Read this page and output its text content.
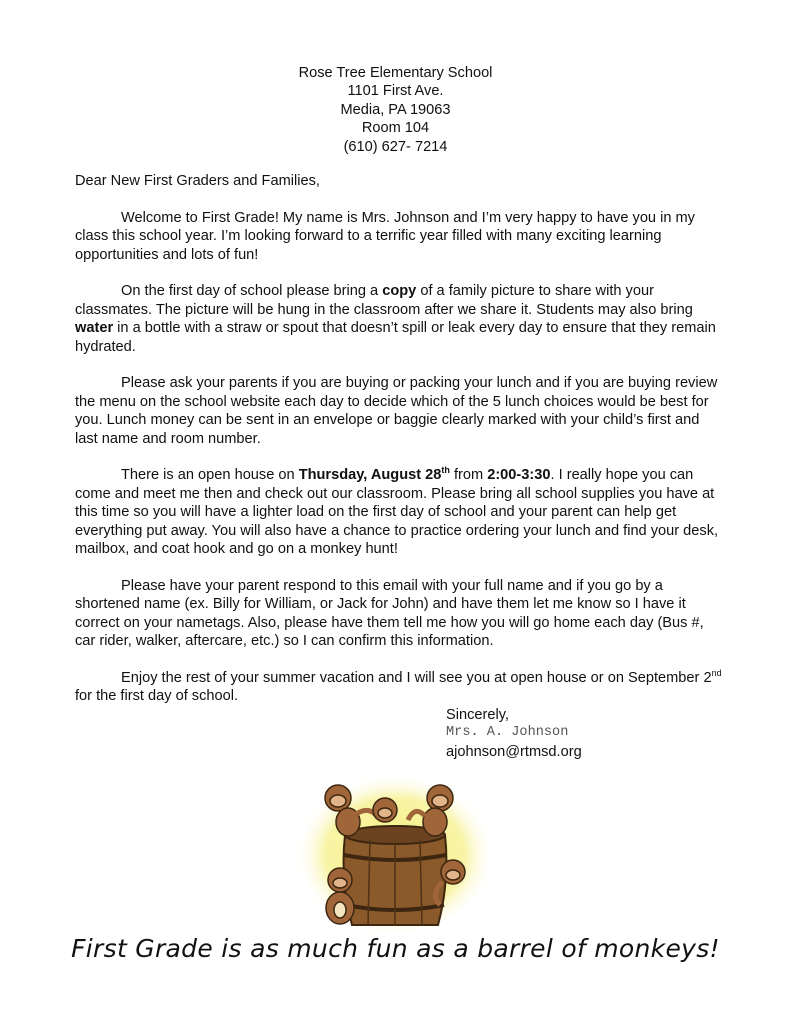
Rose Tree Elementary School
1101 First Ave.
Media, PA 19063
Room 104
(610) 627- 7214

Dear New First Graders and Families,

Welcome to First Grade! My name is Mrs. Johnson and I’m very happy to have you in my class this school year. I’m looking forward to a terrific year filled with many exciting learning opportunities and lots of fun!

On the first day of school please bring a copy of a family picture to share with your classmates. The picture will be hung in the classroom after we share it. Students may also bring water in a bottle with a straw or spout that doesn’t spill or leak every day to ensure that they remain hydrated.

Please ask your parents if you are buying or packing your lunch and if you are buying review the menu on the school website each day to decide which of the 5 lunch choices would be best for you. Lunch money can be sent in an envelope or baggie clearly marked with your child’s first and last name and room number.

There is an open house on Thursday, August 28th from 2:00-3:30. I really hope you can come and meet me then and check out our classroom. Please bring all school supplies you have at this time so you will have a lighter load on the first day of school and your parent can help get everything put away. You will also have a chance to practice ordering your lunch and find your desk, mailbox, and coat hook and go on a monkey hunt!

Please have your parent respond to this email with your full name and if you go by a shortened name (ex. Billy for William, or Jack for John) and have them let me know so I have it correct on your nametags. Also, please have them tell me how you will go home each day (Bus #, car rider, walker, aftercare, etc.) so I can confirm this information.

Enjoy the rest of your summer vacation and I will see you at open house or on September 2nd for the first day of school.

Sincerely,
Mrs. A. Johnson
ajohnson@rtmsd.org
First Grade is as much fun as a barrel of monkeys!
